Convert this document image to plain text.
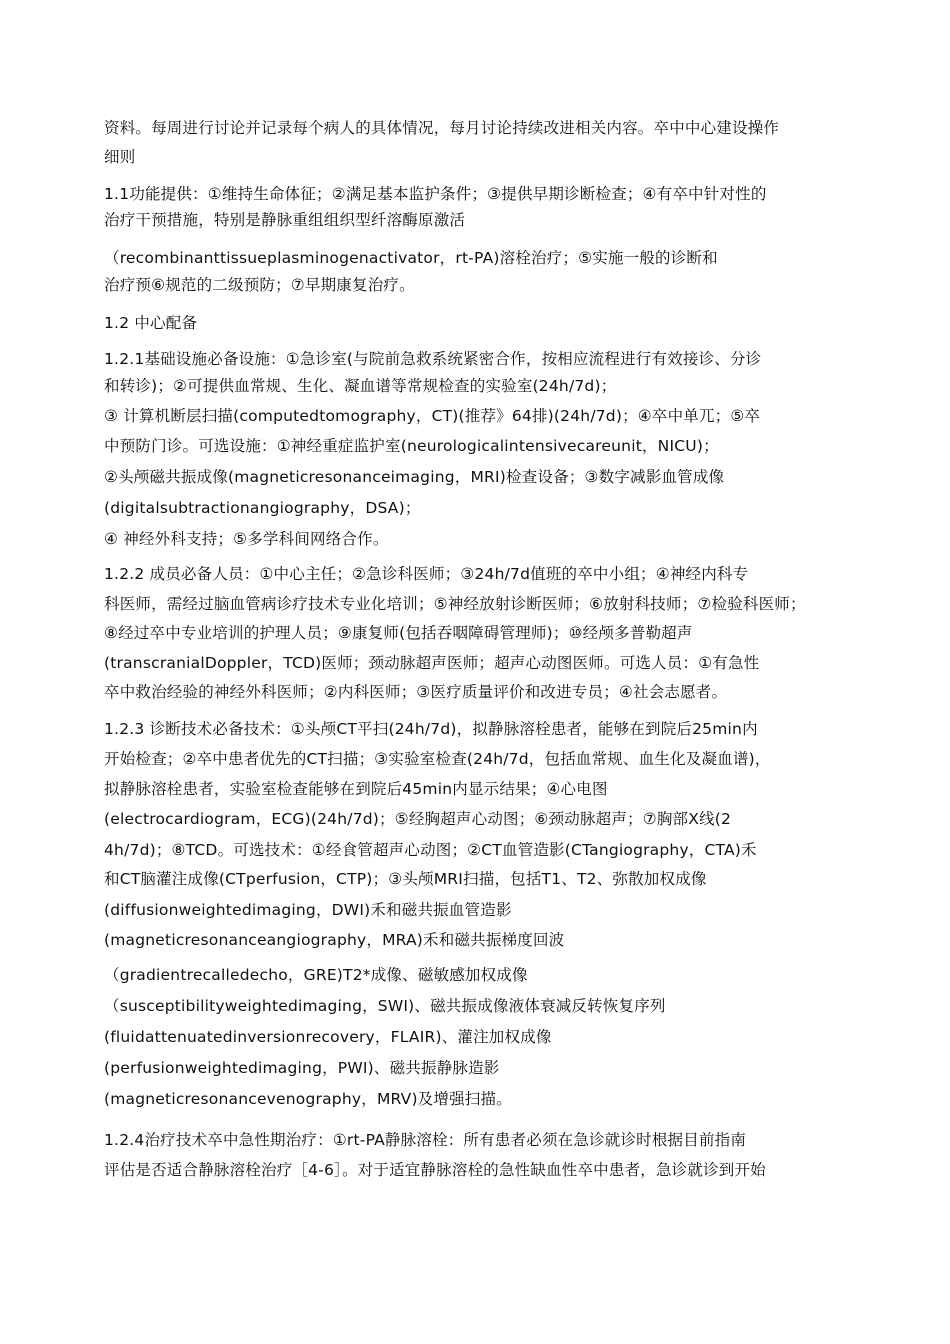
资料。每周进行讨论并记录每个病人的具体情况，每月讨论持续改进相关内容。卒中中心建设操作
细则
1.1功能提供：①维持生命体征；②满足基本监护条件；③提供早期诊断检查；④有卒中针对性的
治疗干预措施，特别是静脉重组组织型纤溶酶原激活
（recombinanttissueplasminogenactivator，rt-PA)溶栓治疗；⑤实施一般的诊断和
治疗预⑥规范的二级预防；⑦早期康复治疗。
1.2 中心配备
1.2.1基础设施必备设施：①急诊室(与院前急救系统紧密合作，按相应流程进行有效接诊、分诊
和转诊)；②可提供血常规、生化、凝血谱等常规检查的实验室(24h/7d)；
③ 计算机断层扫描(computedtomography，CT)(推荐》64排)(24h/7d)；④卒中单兀；⑤卒
中预防门诊。可选设施：①神经重症监护室(neurologicalintensivecareunit，NICU)；
②头颅磁共振成像(magneticresonanceimaging，MRI)检查设备；③数字减影血管成像
(digitalsubtractionangiography，DSA)；
④ 神经外科支持；⑤多学科间网络合作。
1.2.2 成员必备人员：①中心主任；②急诊科医师；③24h/7d值班的卒中小组；④神经内科专
科医师，需经过脑血管病诊疗技术专业化培训；⑤神经放射诊断医师；⑥放射科技师；⑦检验科医师；
⑧经过卒中专业培训的护理人员；⑨康复师(包括吞咽障碍管理师)；⑩经颅多普勒超声
(transcranialDoppler，TCD)医师；颈动脉超声医师；超声心动图医师。可选人员：①有急性
卒中救治经验的神经外科医师；②内科医师；③医疗质量评价和改进专员；④社会志愿者。
1.2.3 诊断技术必备技术：①头颅CT平扫(24h/7d)，拟静脉溶栓患者，能够在到院后25min内
开始检查；②卒中患者优先的CT扫描；③实验室检查(24h/7d，包括血常规、血生化及凝血谱)，
拟静脉溶栓患者，实验室检查能够在到院后45min内显示结果；④心电图
(electrocardiogram，ECG)(24h/7d)；⑤经胸超声心动图；⑥颈动脉超声；⑦胸部X线(2
4h/7d)；⑧TCD。可选技术：①经食管超声心动图；②CT血管造影(CTangiography，CTA)禾
和CT脑灌注成像(CTperfusion，CTP)；③头颅MRI扫描，包括T1、T2、弥散加权成像
(diffusionweightedimaging，DWI)禾和磁共振血管造影
(magneticresonanceangiography，MRA)禾和磁共振梯度回波
（gradientrecalledecho，GRE)T2*成像、磁敏感加权成像
（susceptibilityweightedimaging，SWI)、磁共振成像液体衰减反转恢复序列
(fluidattenuatedinversionrecovery，FLAIR)、灌注加权成像
(perfusionweightedimaging，PWI)、磁共振静脉造影
(magneticresonancevenography，MRV)及增强扫描。
1.2.4治疗技术卒中急性期治疗：①rt-PA静脉溶栓：所有患者必须在急诊就诊时根据目前指南
评估是否适合静脉溶栓治疗［4-6］。对于适宜静脉溶栓的急性缺血性卒中患者，急诊就诊到开始
